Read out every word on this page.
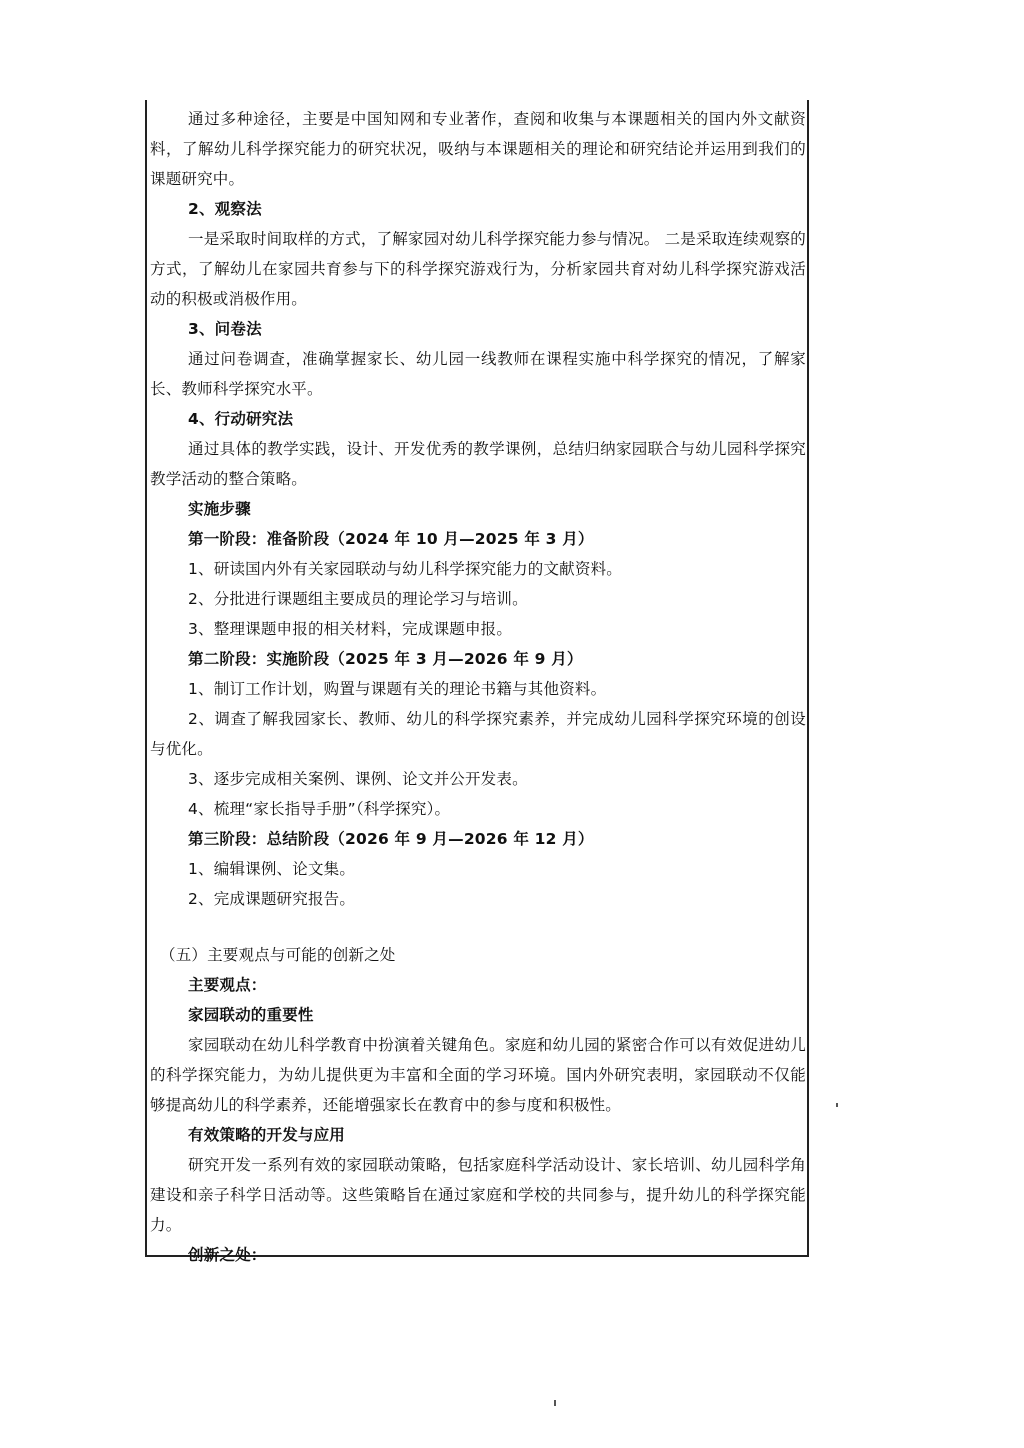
通过多种途径，主要是中国知网和专业著作，查阅和收集与本课题相关的国内外文献资料，了解幼儿科学探究能力的研究状况，吸纳与本课题相关的理论和研究结论并运用到我们的课题研究中。

2、观察法

一是采取时间取样的方式，了解家园对幼儿科学探究能力参与情况。 二是采取连续观察的方式，了解幼儿在家园共育参与下的科学探究游戏行为，分析家园共育对幼儿科学探究游戏活动的积极或消极作用。

3、问卷法

通过问卷调查，准确掌握家长、幼儿园一线教师在课程实施中科学探究的情况，了解家长、教师科学探究水平。

4、行动研究法

通过具体的教学实践，设计、开发优秀的教学课例，总结归纳家园联合与幼儿园科学探究教学活动的整合策略。

实施步骤

第一阶段：准备阶段（2024 年 10 月—2025 年 3 月）

1、研读国内外有关家园联动与幼儿科学探究能力的文献资料。

2、分批进行课题组主要成员的理论学习与培训。

3、整理课题申报的相关材料，完成课题申报。

第二阶段：实施阶段（2025 年 3 月—2026 年 9 月）

1、制订工作计划，购置与课题有关的理论书籍与其他资料。

2、调查了解我园家长、教师、幼儿的科学探究素养，并完成幼儿园科学探究环境的创设与优化。

3、逐步完成相关案例、课例、论文并公开发表。

4、梳理“家长指导手册”（科学探究）。

第三阶段：总结阶段（2026 年 9 月—2026 年 12 月）

1、编辑课例、论文集。

2、完成课题研究报告。

（五）主要观点与可能的创新之处

主要观点：

家园联动的重要性

家园联动在幼儿科学教育中扮演着关键角色。家庭和幼儿园的紧密合作可以有效促进幼儿的科学探究能力，为幼儿提供更为丰富和全面的学习环境。国内外研究表明，家园联动不仅能够提高幼儿的科学素养，还能增强家长在教育中的参与度和积极性。

有效策略的开发与应用

研究开发一系列有效的家园联动策略，包括家庭科学活动设计、家长培训、幼儿园科学角建设和亲子科学日活动等。这些策略旨在通过家庭和学校的共同参与，提升幼儿的科学探究能力。

创新之处：
